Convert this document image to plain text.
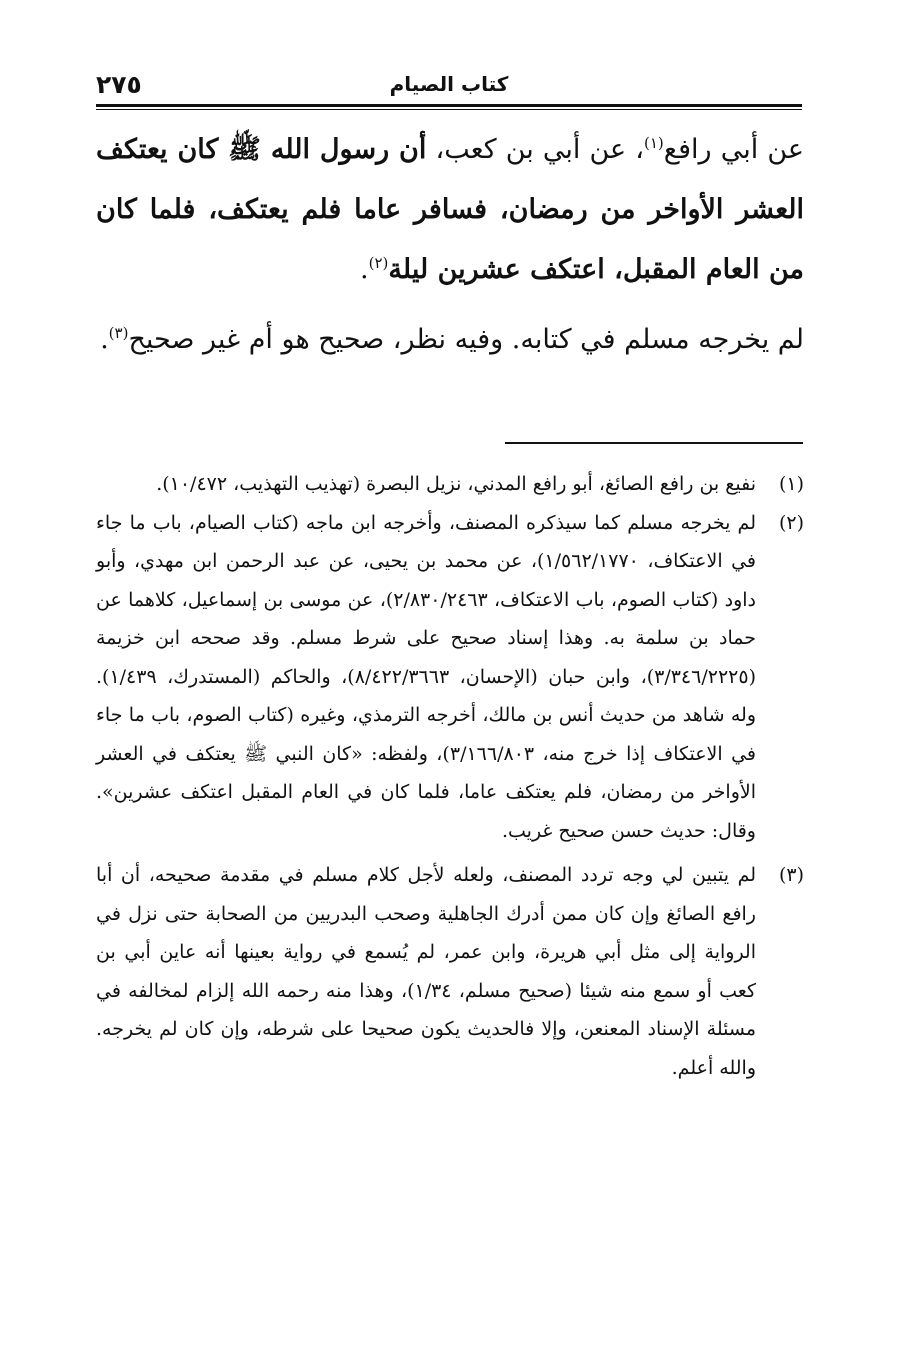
٢٧٥	كتاب الصيام

عن أبي رافع$^{(١)}$، عن أبي بن كعب، أن رسول الله ﷺ كان يعتكف العشر الأواخر من رمضان، فسافر عاما فلم يعتكف، فلما كان من العام المقبل، اعتكف عشرين ليلة$^{(٢)}$.

لم يخرجه مسلم في كتابه. وفيه نظر، صحيح هو أم غير صحيح$^{(٣)}$.

(١)
نفيع بن رافع الصائغ، أبو رافع المدني، نزيل البصرة (تهذيب التهذيب، ١٠/٤٧٢).
(٢)
لم يخرجه مسلم كما سيذكره المصنف، وأخرجه ابن ماجه (كتاب الصيام، باب ما جاء في الاعتكاف، ١/٥٦٢/١٧٧٠)، عن محمد بن يحيى، عن عبد الرحمن ابن مهدي، وأبو داود (كتاب الصوم، باب الاعتكاف، ٢/٨٣٠/٢٤٦٣)، عن موسى بن إسماعيل، كلاهما عن حماد بن سلمة به. وهذا إسناد صحيح على شرط مسلم. وقد صححه ابن خزيمة (٣/٣٤٦/٢٢٢٥)، وابن حبان (الإحسان، ٨/٤٢٢/٣٦٦٣)، والحاكم (المستدرك، ١/٤٣٩). وله شاهد من حديث أنس بن مالك، أخرجه الترمذي، وغيره (كتاب الصوم، باب ما جاء في الاعتكاف إذا خرج منه، ٣/١٦٦/٨٠٣)، ولفظه: «كان النبي ﷺ يعتكف في العشر الأواخر من رمضان، فلم يعتكف عاما، فلما كان في العام المقبل اعتكف عشرين». وقال: حديث حسن صحيح غريب.
(٣)
لم يتبين لي وجه تردد المصنف، ولعله لأجل كلام مسلم في مقدمة صحيحه، أن أبا رافع الصائغ وإن كان ممن أدرك الجاهلية وصحب البدريين من الصحابة حتى نزل في الرواية إلى مثل أبي هريرة، وابن عمر، لم يُسمع في رواية بعينها أنه عاين أبي بن كعب أو سمع منه شيئا (صحيح مسلم، ١/٣٤)، وهذا منه رحمه الله إلزام لمخالفه في مسئلة الإسناد المعنعن، وإلا فالحديث يكون صحيحا على شرطه، وإن كان لم يخرجه. والله أعلم.
